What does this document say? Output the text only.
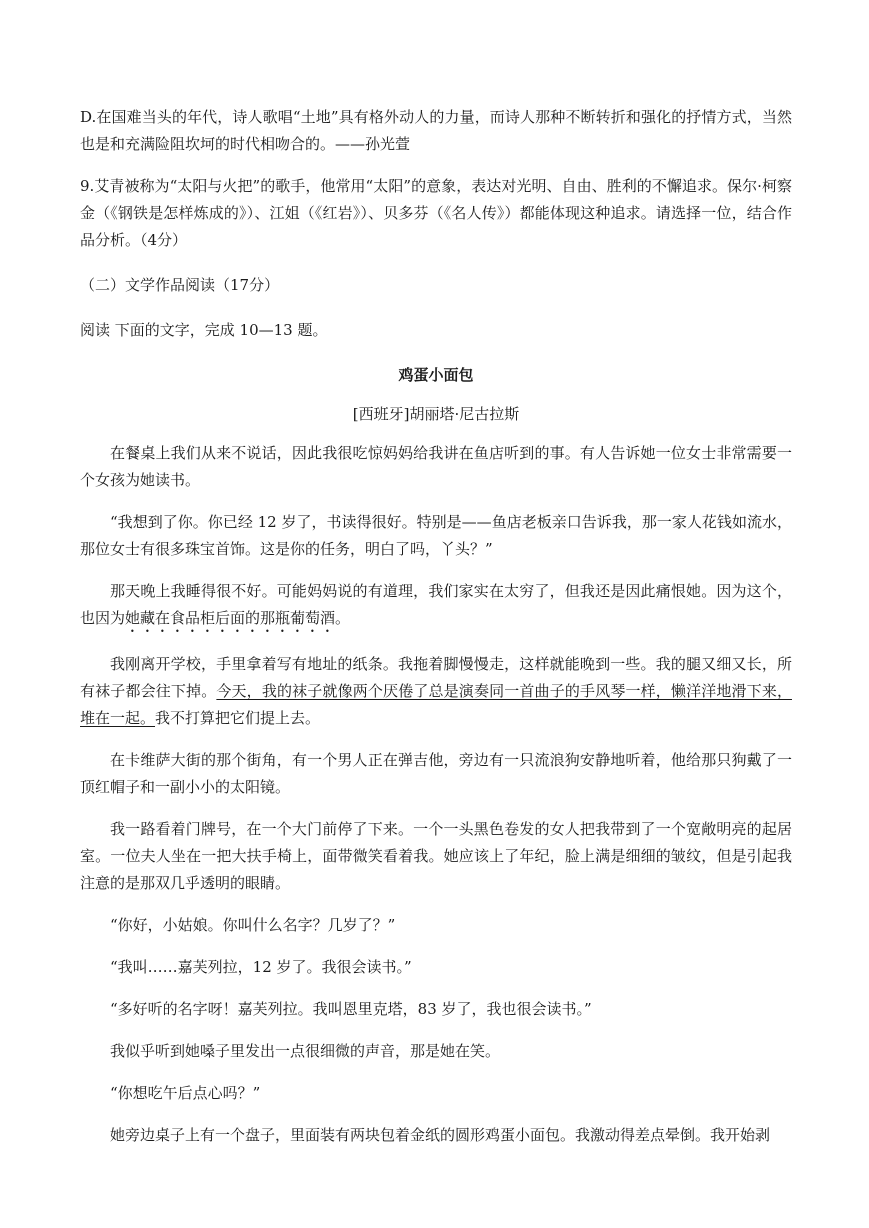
D.在国难当头的年代，诗人歌唱“土地”具有格外动人的力量，而诗人那种不断转折和强化的抒情方式，当然也是和充满险阻坎坷的时代相吻合的。——孙光萱

9.艾青被称为“太阳与火把”的歌手，他常用“太阳”的意象，表达对光明、自由、胜利的不懈追求。保尔·柯察金（《钢铁是怎样炼成的》）、江姐（《红岩》）、贝多芬（《名人传》）都能体现这种追求。请选择一位，结合作品分析。（4分）

（二）文学作品阅读（17分）

阅读 下面的文字，完成 10—13 题。

鸡蛋小面包

[西班牙]胡丽塔·尼古拉斯

在餐桌上我们从来不说话，因此我很吃惊妈妈给我讲在鱼店听到的事。有人告诉她一位女士非常需要一个女孩为她读书。

“我想到了你。你已经 12 岁了，书读得很好。特别是——鱼店老板亲口告诉我，那一家人花钱如流水，那位女士有很多珠宝首饰。这是你的任务，明白了吗，丫头？”

那天晚上我睡得很不好。可能妈妈说的有道理，我们家实在太穷了，但我还是因此痛恨她。因为这个，也因为她藏在食品柜后面的那瓶葡萄酒。

我刚离开学校，手里拿着写有地址的纸条。我拖着脚慢慢走，这样就能晚到一些。我的腿又细又长，所有袜子都会往下掉。今天，我的袜子就像两个厌倦了总是演奏同一首曲子的手风琴一样，懒洋洋地滑下来，堆在一起。我不打算把它们提上去。

在卡维萨大街的那个街角，有一个男人正在弹吉他，旁边有一只流浪狗安静地听着，他给那只狗戴了一顶红帽子和一副小小的太阳镜。

我一路看着门牌号，在一个大门前停了下来。一个一头黑色卷发的女人把我带到了一个宽敞明亮的起居室。一位夫人坐在一把大扶手椅上，面带微笑看着我。她应该上了年纪，脸上满是细细的皱纹，但是引起我注意的是那双几乎透明的眼睛。

“你好，小姑娘。你叫什么名字？几岁了？”

“我叫……嘉芙列拉，12 岁了。我很会读书。”

“多好听的名字呀！嘉芙列拉。我叫恩里克塔，83 岁了，我也很会读书。”

我似乎听到她嗓子里发出一点很细微的声音，那是她在笑。

“你想吃午后点心吗？”

她旁边桌子上有一个盘子，里面装有两块包着金纸的圆形鸡蛋小面包。我激动得差点晕倒。我开始剥
